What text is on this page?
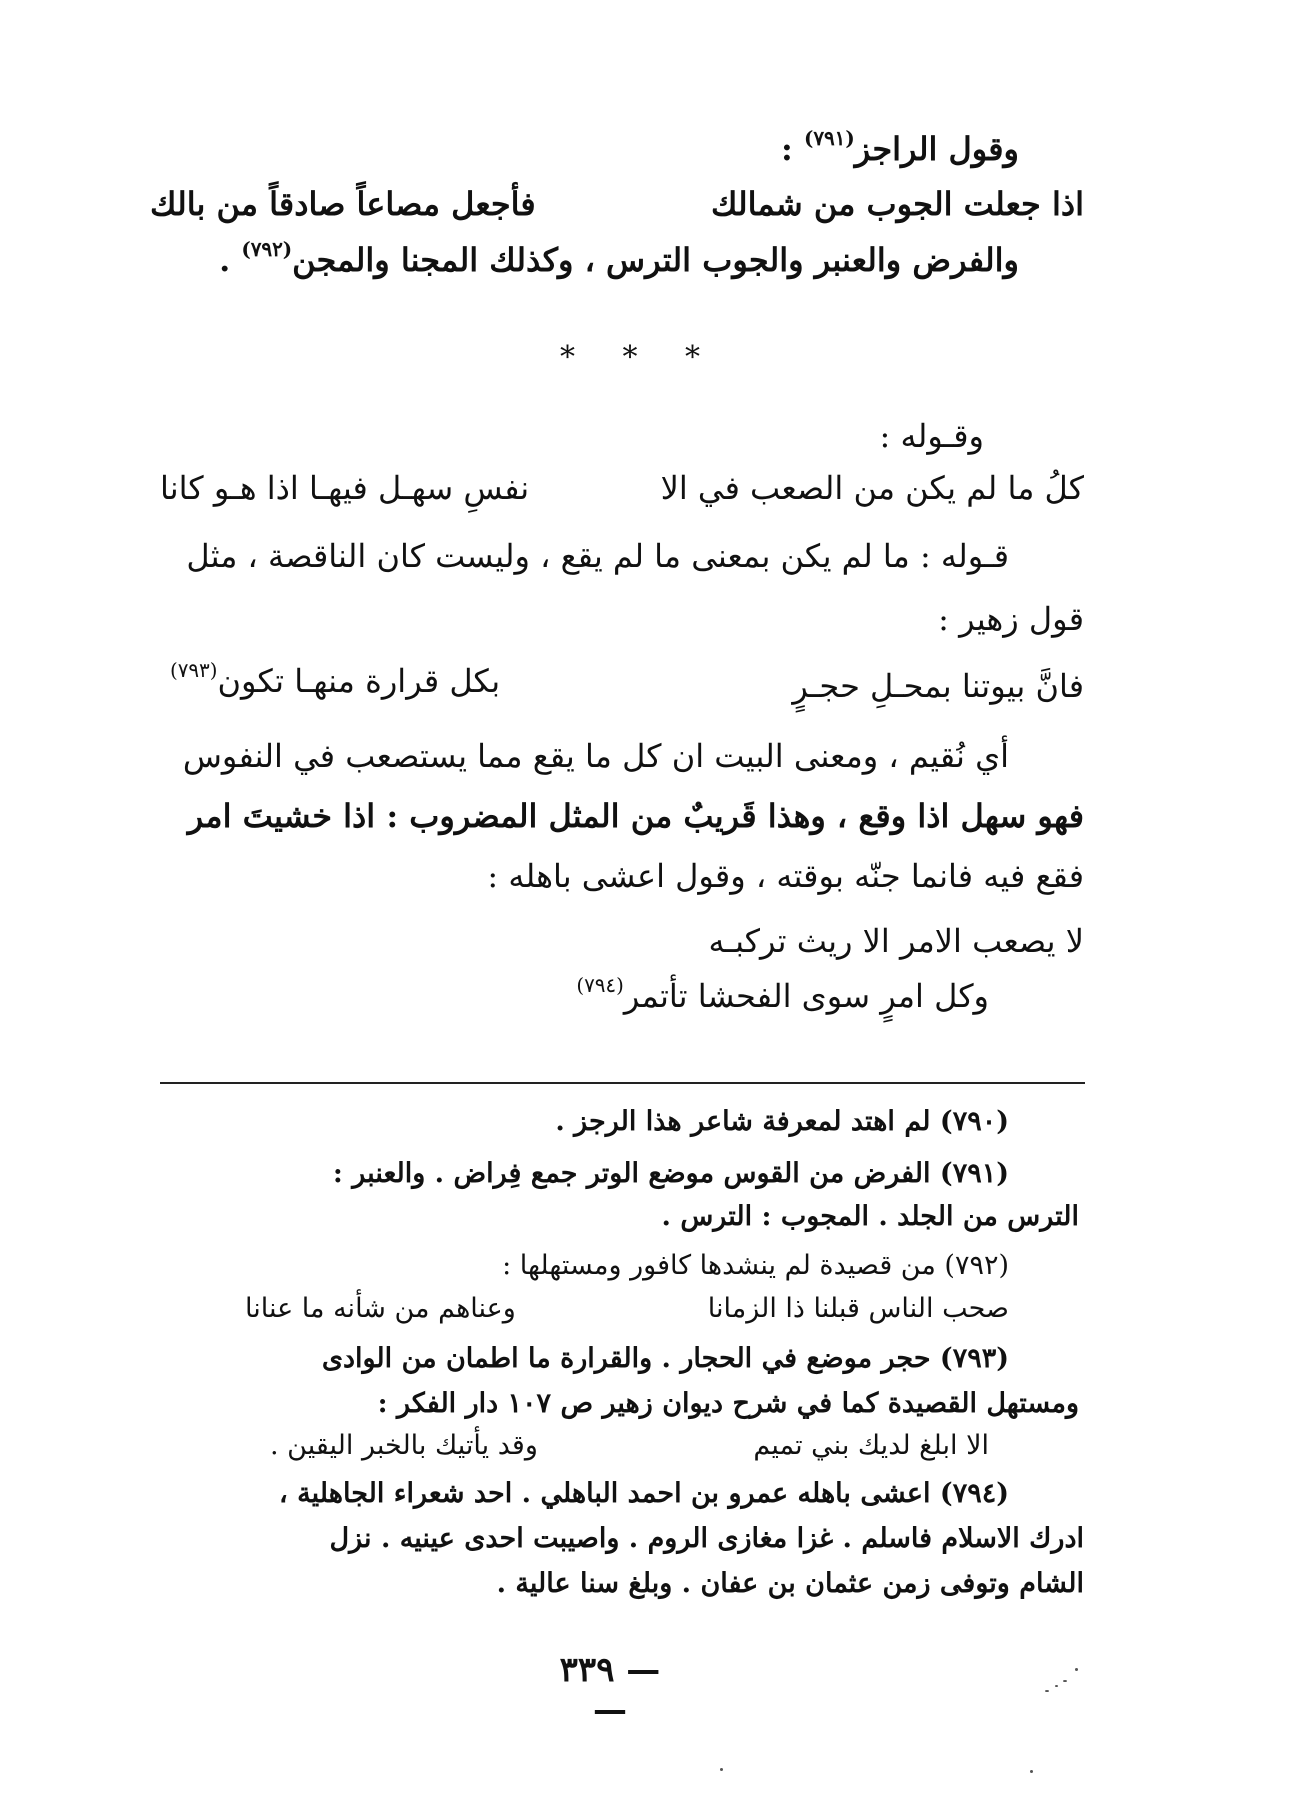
وقول الراجز$^{(٧٩١)}$ :
اذا جعلت الجوب من شمالك
فأجعل مصاعاً صادقاً من بالك
والفرض والعنبر والجوب الترس ، وكذلك المجنا والمجن$^{(٧٩٢)}$ .
* * *
وقـوله :
كلُ ما لم يكن من الصعب في الا
نفسِ سهـل فيهـا اذا هـو كانا
قـوله : ما لم يكن بمعنى ما لم يقع ، وليست كان الناقصة ، مثل
قول زهير :
فانَّ بيوتنا بمحـلِ حجـرٍ
بكل قرارة منهـا تكون$^{(٧٩٣)}$
أي نُقيم ، ومعنى البيت ان كل ما يقع مما يستصعب في النفوس
فهو سهل اذا وقع ، وهذا قَريبٌ من المثل المضروب : اذا خشيتَ امر
فقع فيه فانما جنّه بوقته ، وقول اعشى باهله :
لا يصعب الامر الا ريث تركبـه
وكل امرٍ سوى الفحشا تأتمر$^{(٧٩٤)}$
(٧٩٠) لم اهتد لمعرفة شاعر هذا الرجز .
(٧٩١) الفرض من القوس موضع الوتر جمع فِراض . والعنبر :
الترس من الجلد . المجوب : الترس .
(٧٩٢) من قصيدة لم ينشدها كافور ومستهلها :
صحب الناس قبلنا ذا الزمانا
وعناهم من شأنه ما عنانا
(٧٩٣) حجر موضع في الحجار . والقرارة ما اطمان من الوادى
ومستهل القصيدة كما في شرح ديوان زهير ص ١٠٧ دار الفكر :
الا ابلغ لديك بني تميم
وقد يأتيك بالخبر اليقين .
(٧٩٤) اعشى باهله عمرو بن احمد الباهلي . احد شعراء الجاهلية ،
ادرك الاسلام فاسلم . غزا مغازى الروم . واصيبت احدى عينيه . نزل
الشام وتوفى زمن عثمان بن عفان . وبلغ سنا عالية .
— ٣٣٩ —
